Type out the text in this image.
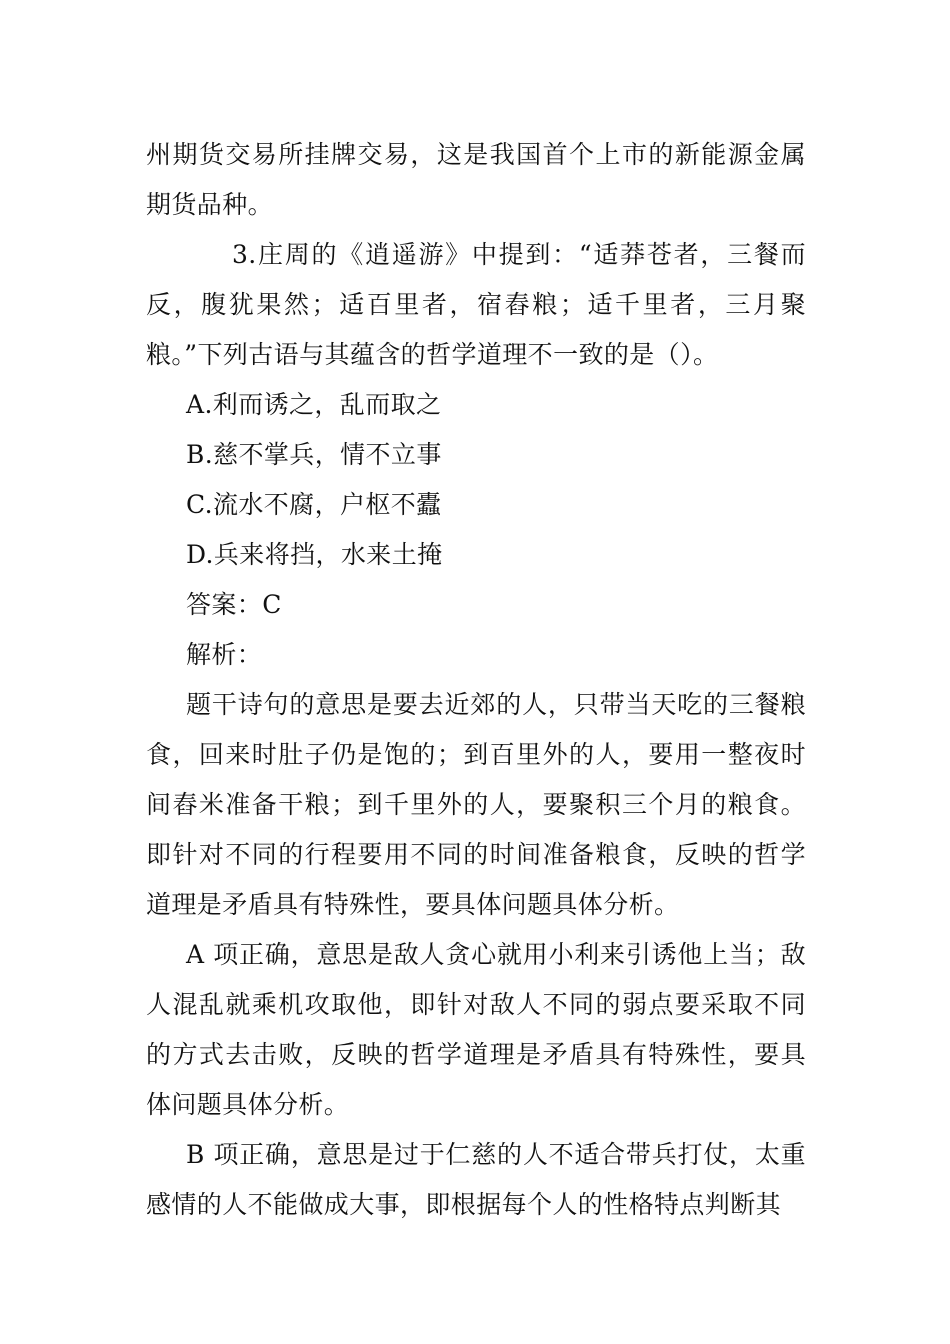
州期货交易所挂牌交易，这是我国首个上市的新能源金属期货品种。

3.庄周的《逍遥游》中提到：“适莽苍者，三餐而反，腹犹果然；适百里者，宿舂粮；适千里者，三月聚粮。”下列古语与其蕴含的哲学道理不一致的是（）。

A.利而诱之，乱而取之

B.慈不掌兵，情不立事

C.流水不腐，户枢不蠹

D.兵来将挡，水来土掩

答案：C

解析：

题干诗句的意思是要去近郊的人，只带当天吃的三餐粮食，回来时肚子仍是饱的；到百里外的人，要用一整夜时间舂米准备干粮；到千里外的人，要聚积三个月的粮食。即针对不同的行程要用不同的时间准备粮食，反映的哲学道理是矛盾具有特殊性，要具体问题具体分析。

A 项正确，意思是敌人贪心就用小利来引诱他上当；敌人混乱就乘机攻取他，即针对敌人不同的弱点要采取不同的方式去击败，反映的哲学道理是矛盾具有特殊性，要具体问题具体分析。

B 项正确，意思是过于仁慈的人不适合带兵打仗，太重感情的人不能做成大事，即根据每个人的性格特点判断其
